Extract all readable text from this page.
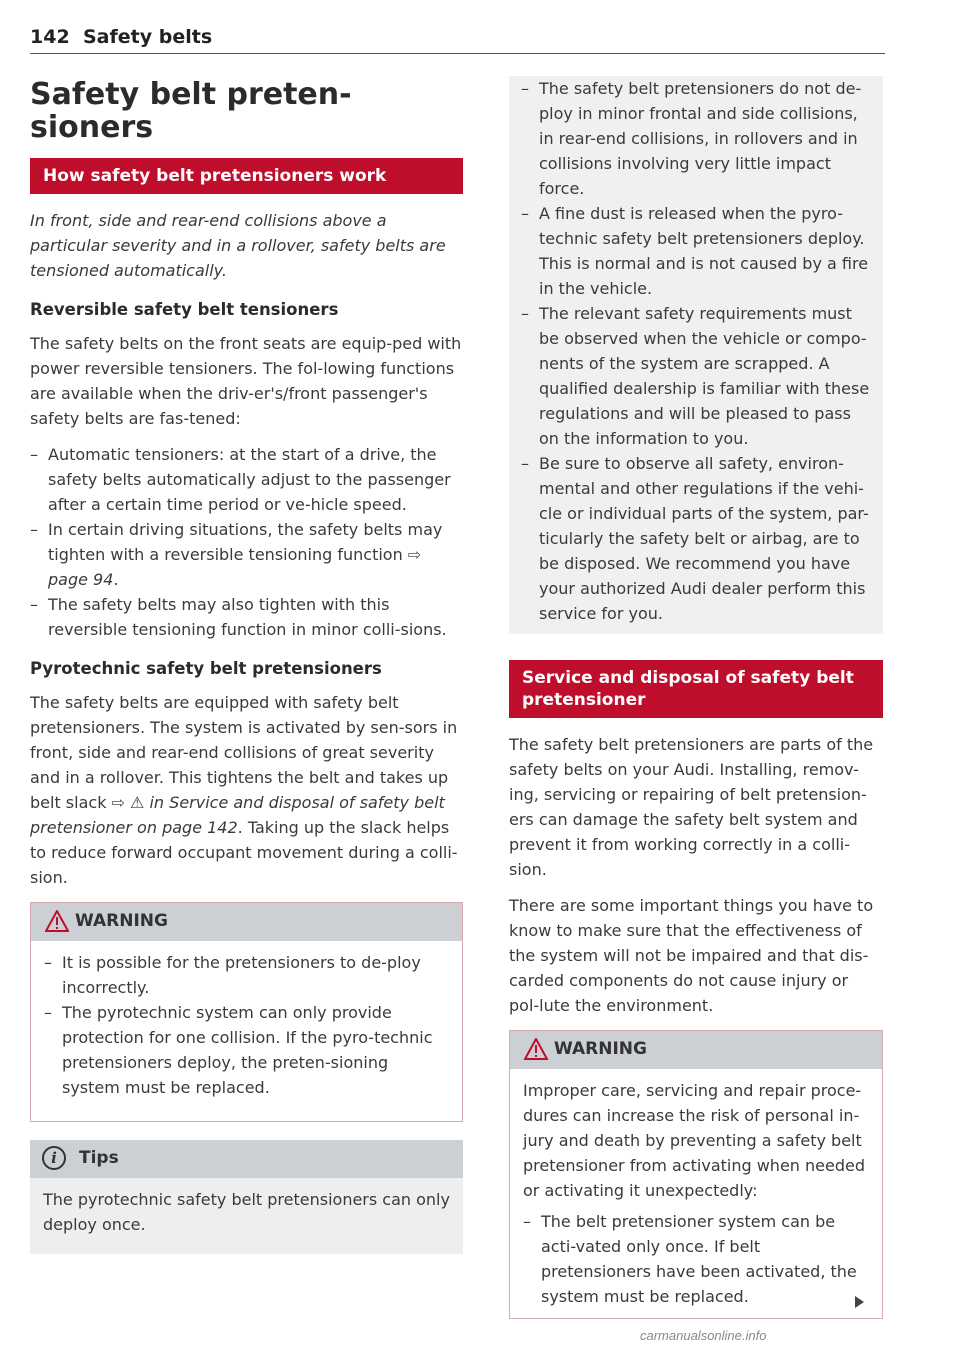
142 Safety belts
Safety belt preten-
sioners
How safety belt pretensioners work

In front, side and rear-end collisions above a particular severity and in a rollover, safety belts are tensioned automatically.

Reversible safety belt tensioners

The safety belts on the front seats are equip-ped with power reversible tensioners. The fol-lowing functions are available when the driv-er's/front passenger's safety belts are fas-tened:

– Automatic tensioners: at the start of a drive, the safety belts automatically adjust to the passenger after a certain time period or ve-hicle speed.
– In certain driving situations, the safety belts may tighten with a reversible tensioning function ⇨ page 94.
– The safety belts may also tighten with this reversible tensioning function in minor colli-sions.
Pyrotechnic safety belt pretensioners

The safety belts are equipped with safety belt pretensioners. The system is activated by sen-sors in front, side and rear-end collisions of great severity and in a rollover. This tightens the belt and takes up belt slack ⇨ ⚠ in Service and disposal of safety belt pretensioner on page 142. Taking up the slack helps to reduce forward occupant movement during a colli-sion.

WARNING
– It is possible for the pretensioners to de-ploy incorrectly.
– The pyrotechnic system can only provide protection for one collision. If the pyro-technic pretensioners deploy, the preten-sioning system must be replaced.
i	Tips

The pyrotechnic safety belt pretensioners can only deploy once.

– The safety belt pretensioners do not de-ploy in minor frontal and side collisions, in rear-end collisions, in rollovers and in collisions involving very little impact force.
– A fine dust is released when the pyro-technic safety belt pretensioners deploy. This is normal and is not caused by a fire in the vehicle.
– The relevant safety requirements must be observed when the vehicle or compo-nents of the system are scrapped. A qualified dealership is familiar with these regulations and will be pleased to pass on the information to you.
– Be sure to observe all safety, environ-mental and other regulations if the vehi-cle or individual parts of the system, par-ticularly the safety belt or airbag, are to be disposed. We recommend you have your authorized Audi dealer perform this service for you.
Service and disposal of safety belt pretensioner

The safety belt pretensioners are parts of the safety belts on your Audi. Installing, remov-ing, servicing or repairing of belt pretension-ers can damage the safety belt system and prevent it from working correctly in a colli-sion.

There are some important things you have to know to make sure that the effectiveness of the system will not be impaired and that dis-carded components do not cause injury or pol-lute the environment.

WARNING

Improper care, servicing and repair proce-dures can increase the risk of personal in-jury and death by preventing a safety belt pretensioner from activating when needed or activating it unexpectedly:

– The belt pretensioner system can be acti-vated only once. If belt pretensioners have been activated, the system must be replaced.
carmanualsonline.info
